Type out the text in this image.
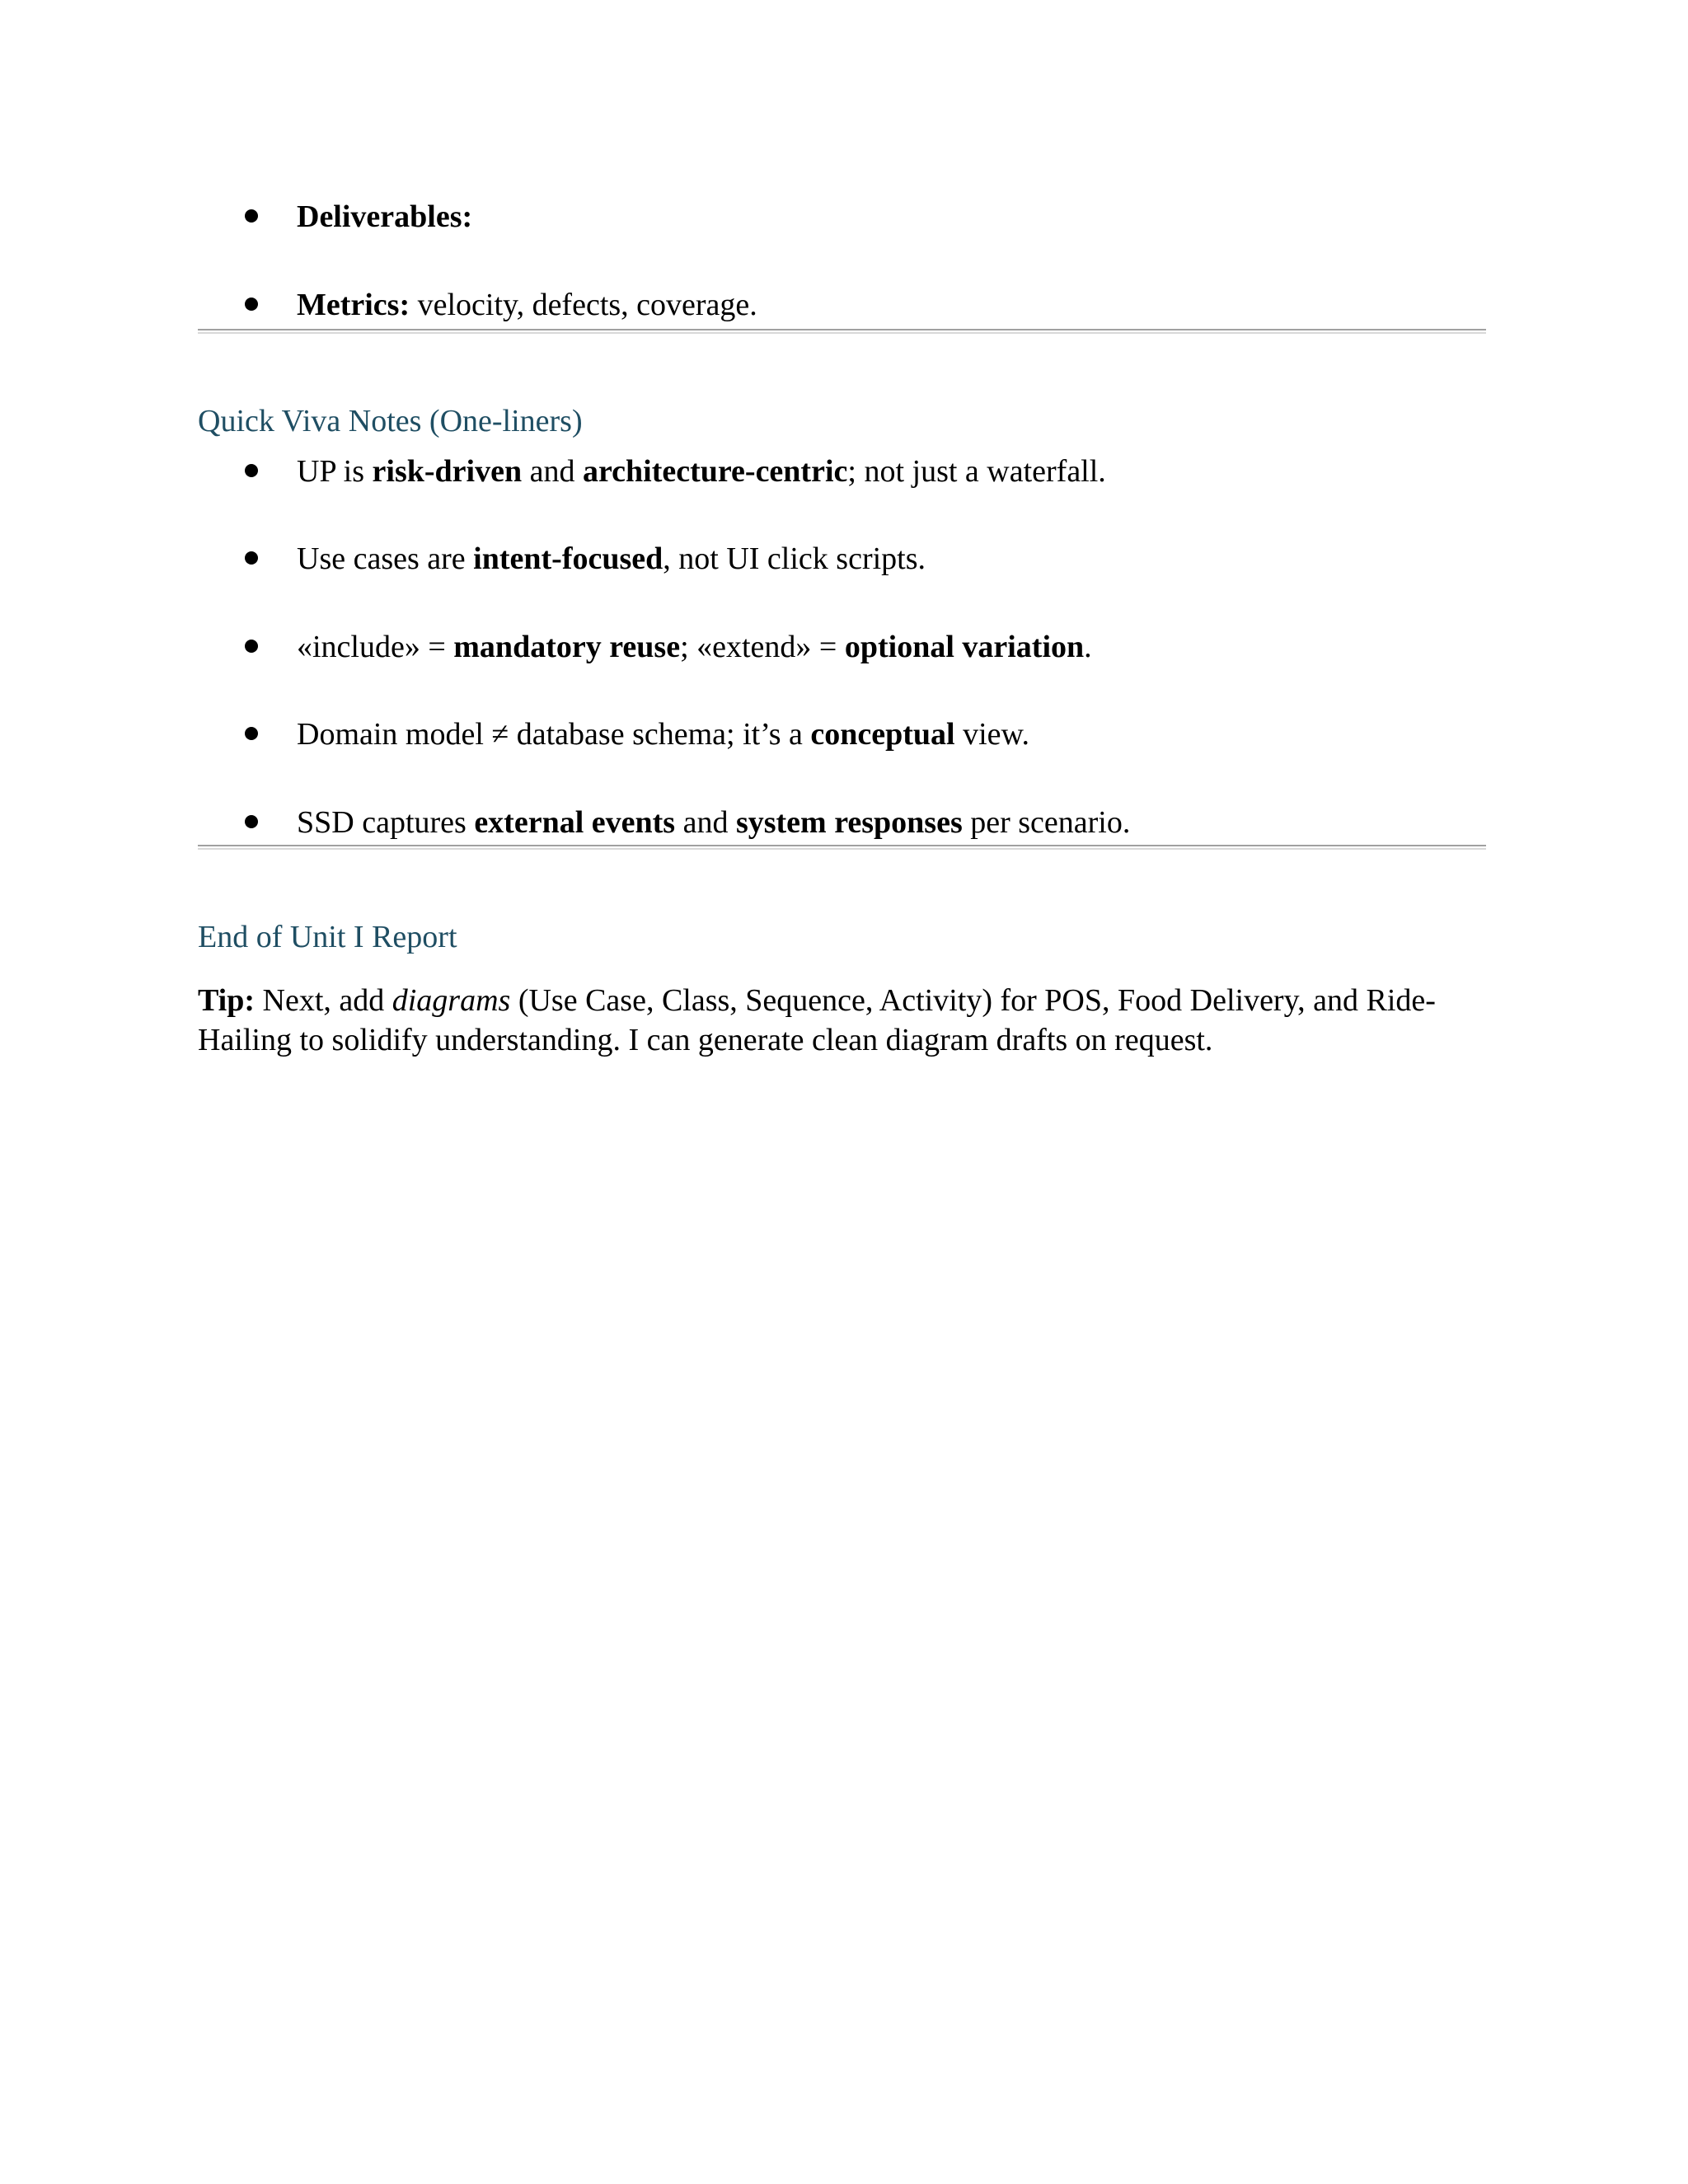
Deliverables:
Metrics: velocity, defects, coverage.
Quick Viva Notes (One-liners)
UP is risk-driven and architecture-centric; not just a waterfall.
Use cases are intent-focused, not UI click scripts.
«include» = mandatory reuse; «extend» = optional variation.
Domain model ≠ database schema; it’s a conceptual view.
SSD captures external events and system responses per scenario.
End of Unit I Report

Tip: Next, add diagrams (Use Case, Class, Sequence, Activity) for POS, Food Delivery, and Ride-Hailing to solidify understanding. I can generate clean diagram drafts on request.
